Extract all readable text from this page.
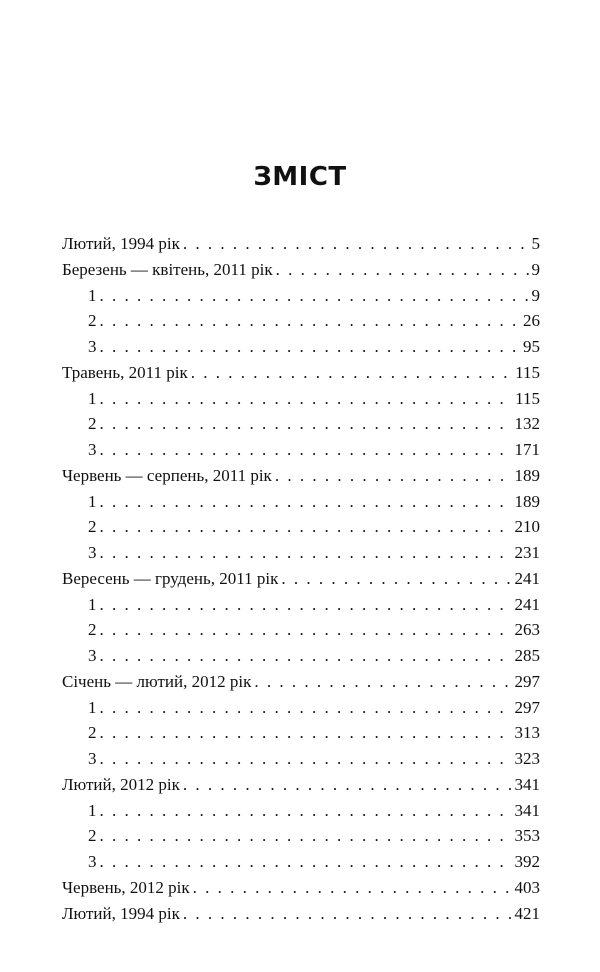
ЗМІСТ
Лютий, 1994 рік . . .	5
Березень — квітень, 2011 рік . . .	9
1 . . .	9
2 . . .	26
3 . . .	95
Травень, 2011 рік . . .	115
1 . . .	115
2 . . .	132
3 . . .	171
Червень — серпень, 2011 рік . . .	189
1 . . .	189
2 . . .	210
3 . . .	231
Вересень — грудень, 2011 рік . . .	241
1 . . .	241
2 . . .	263
3 . . .	285
Січень — лютий, 2012 рік . . .	297
1 . . .	297
2 . . .	313
3 . . .	323
Лютий, 2012 рік . . .	341
1 . . .	341
2 . . .	353
3 . . .	392
Червень, 2012 рік . . .	403
Лютий, 1994 рік . . .	421
